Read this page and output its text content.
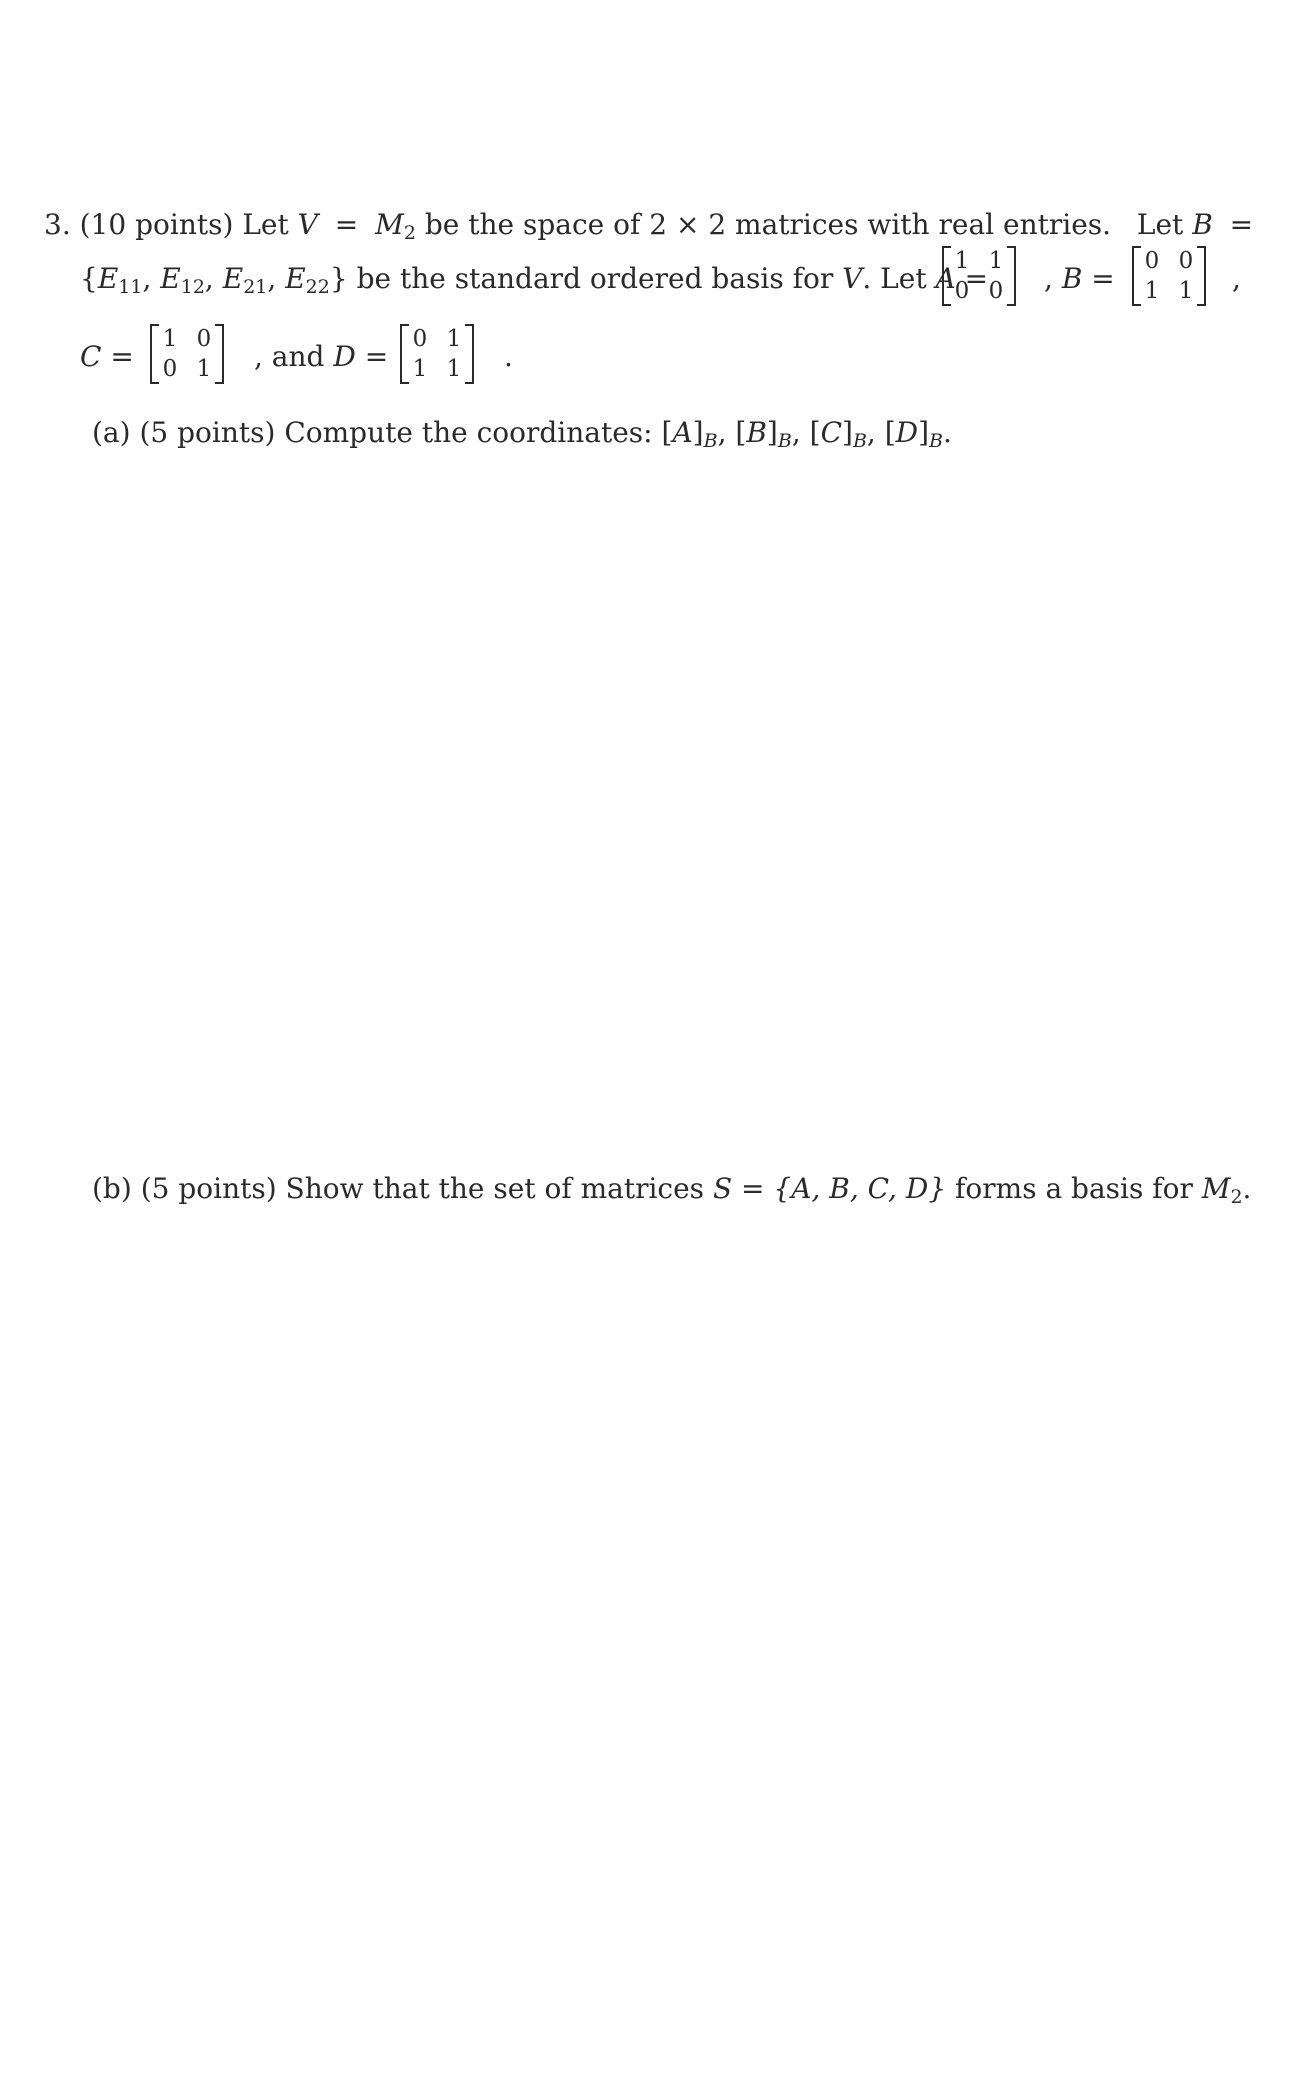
3. (10 points) Let $V = M_2$ be the space of 2 × 2 matrices with real entries. Let B =
{$E_{11}$, $E_{12}$, $E_{21}$, $E_{22}$} be the standard ordered basis for V. Let A =
1 1
0 0 , B =
0 0
1 1 ,
C =
1 0
0 1 , and D =
0 1
1 1 .
(a) (5 points) Compute the coordinates: $[A]_B$, $[B]_B$, $[C]_B$, $[D]_B$.
(b) (5 points) Show that the set of matrices S = {A, B, C, D} forms a basis for $M_2$.
